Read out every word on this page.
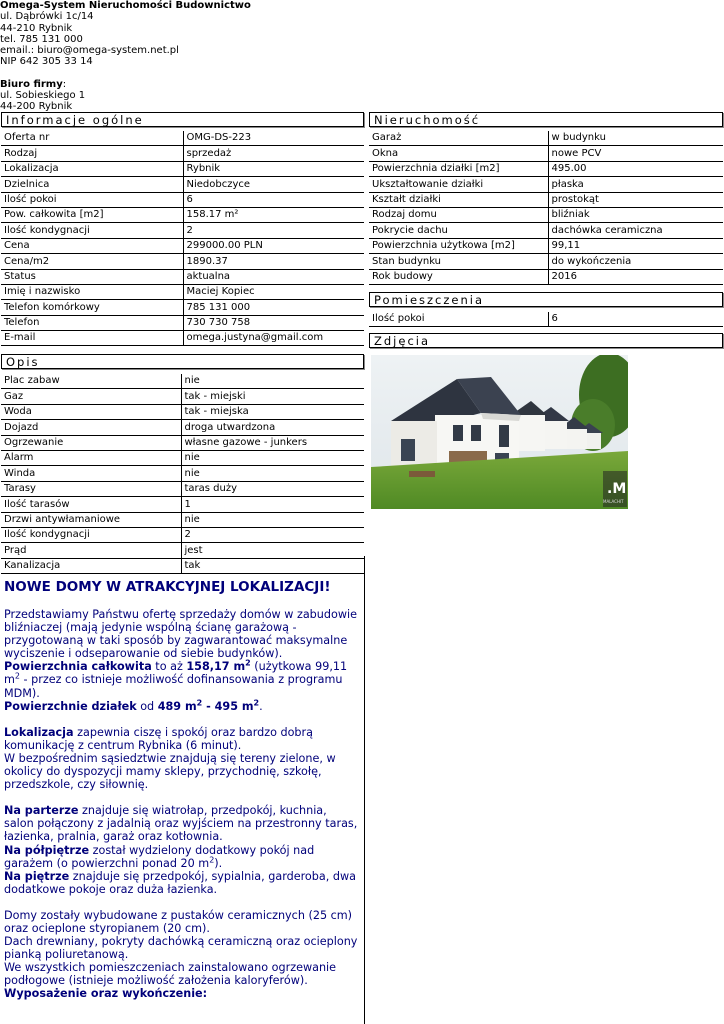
Omega-System Nieruchomości Budownictwo
ul. Dąbrówki 1c/14
44-210 Rybnik
tel. 785 131 000
email.: biuro@omega-system.net.pl
NIP 642 305 33 14
Biuro firmy:
ul. Sobieskiego 1
44-200 Rybnik
Informacje ogólne	Nieruchomość
Pomieszczenia
Zdjęcia
Opis
Oferta nr	OMG-DS-223
Rodzaj	sprzedaż
Lokalizacja	Rybnik
Dzielnica	Niedobczyce
Ilość pokoi	6
Pow. całkowita [m2]	158.17 m²
Ilość kondygnacji	2
Cena	299000.00 PLN
Cena/m2	1890.37
Status	aktualna
Imię i nazwisko	Maciej Kopiec
Telefon komórkowy	785 131 000
Telefon	730 730 758
E-mail	omega.justyna@gmail.com
Garaż	w budynku
Okna	nowe PCV
Powierzchnia działki [m2]	495.00
Ukształtowanie działki	płaska
Kształt działki	prostokąt
Rodzaj domu	bliźniak
Pokrycie dachu	dachówka ceramiczna
Powierzchnia użytkowa [m2]	99,11
Stan budynku	do wykończenia
Rok budowy	2016
Ilość pokoi	6
Plac zabaw	nie
Gaz	tak - miejski
Woda	tak - miejska
Dojazd	droga utwardzona
Ogrzewanie	własne gazowe - junkers
Alarm	nie
Winda	nie
Tarasy	taras duży
Ilość tarasów	1
Drzwi antywłamaniowe	nie
Ilość kondygnacji	2
Prąd	jest
Kanalizacja	tak
.M
MALACHIT
NOWE DOMY W ATRAKCYJNEJ LOKALIZACJI!

Przedstawiamy Państwu ofertę sprzedaży domów w zabudowie bliźniaczej (mają jedynie wspólną ścianę garażową - przygotowaną w taki sposób by zagwarantować maksymalne wyciszenie i odseparowanie od siebie budynków).

Powierzchnia całkowita to aż 158,17 $m^2$ (użytkowa 99,11 $m^2$ - przez co istnieje możliwość dofinansowania z programu MDM).

Powierzchnie działek od 489 $m^2 - 495$ $m^2$.

Lokalizacja zapewnia ciszę i spokój oraz bardzo dobrą komunikację z centrum Rybnika (6 minut).

W bezpośrednim sąsiedztwie znajdują się tereny zielone, w okolicy do dyspozycji mamy sklepy, przychodnię, szkołę, przedszkole, czy siłownię.

Na parterze znajduje się wiatrołap, przedpokój, kuchnia, salon połączony z jadalnią oraz wyjściem na przestronny taras, łazienka, pralnia, garaż oraz kotłownia.

Na półpiętrze został wydzielony dodatkowy pokój nad garażem (o powierzchni ponad 20 $m^2$).

Na piętrze znajduje się przedpokój, sypialnia, garderoba, dwa dodatkowe pokoje oraz duża łazienka.

Domy zostały wybudowane z pustaków ceramicznych (25 cm) oraz ocieplone styropianem (20 cm).

Dach drewniany, pokryty dachówką ceramiczną oraz ocieplony pianką poliuretanową.

We wszystkich pomieszczeniach zainstalowano ogrzewanie podłogowe (istnieje możliwość założenia kaloryferów).

Wyposażenie oraz wykończenie:
